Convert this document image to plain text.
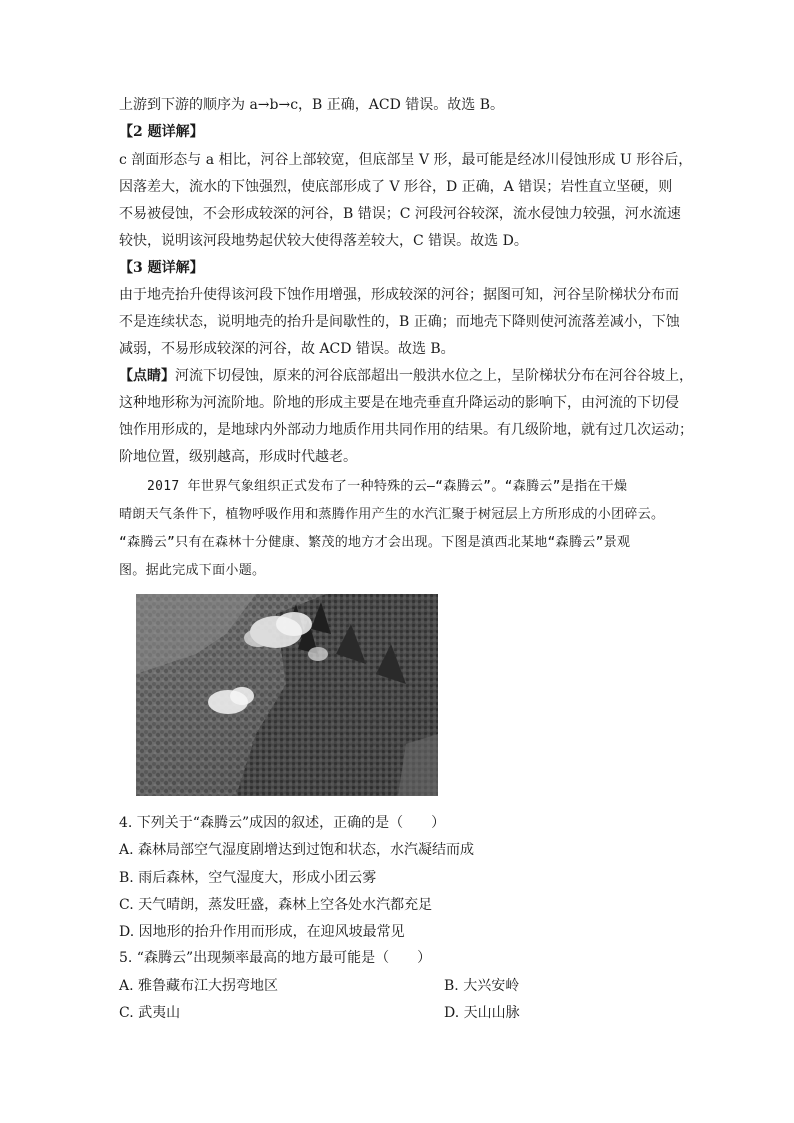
上游到下游的顺序为 a→b→c，B 正确，ACD 错误。故选 B。
【2 题详解】
c 剖面形态与 a 相比，河谷上部较宽，但底部呈 V 形，最可能是经冰川侵蚀形成 U 形谷后，
因落差大，流水的下蚀强烈，使底部形成了 V 形谷，D 正确，A 错误；岩性直立坚硬，则
不易被侵蚀，不会形成较深的河谷，B 错误；C 河段河谷较深，流水侵蚀力较强，河水流速
较快，说明该河段地势起伏较大使得落差较大，C 错误。故选 D。
【3 题详解】
由于地壳抬升使得该河段下蚀作用增强，形成较深的河谷；据图可知，河谷呈阶梯状分布而
不是连续状态，说明地壳的抬升是间歇性的，B 正确；而地壳下降则使河流落差减小，下蚀
减弱，不易形成较深的河谷，故 ACD 错误。故选 B。
【点睛】河流下切侵蚀，原来的河谷底部超出一般洪水位之上，呈阶梯状分布在河谷谷坡上，
这种地形称为河流阶地。阶地的形成主要是在地壳垂直升降运动的影响下，由河流的下切侵
蚀作用形成的，是地球内外部动力地质作用共同作用的结果。有几级阶地，就有过几次运动；
阶地位置，级别越高，形成时代越老。
2017 年世界气象组织正式发布了一种特殊的云—“森腾云”。“森腾云”是指在干燥
晴朗天气条件下，植物呼吸作用和蒸腾作用产生的水汽汇聚于树冠层上方所形成的小团碎云。
“森腾云”只有在森林十分健康、繁茂的地方才会出现。下图是滇西北某地“森腾云”景观
图。据此完成下面小题。
4. 下列关于“森腾云”成因的叙述，正确的是（　　）
A. 森林局部空气湿度剧增达到过饱和状态，水汽凝结而成
B. 雨后森林，空气湿度大，形成小团云雾
C. 天气晴朗，蒸发旺盛，森林上空各处水汽都充足
D. 因地形的抬升作用而形成，在迎风坡最常见
5. “森腾云”出现频率最高的地方最可能是（　　）
A. 雅鲁藏布江大拐弯地区	B. 大兴安岭
C. 武夷山	D. 天山山脉
